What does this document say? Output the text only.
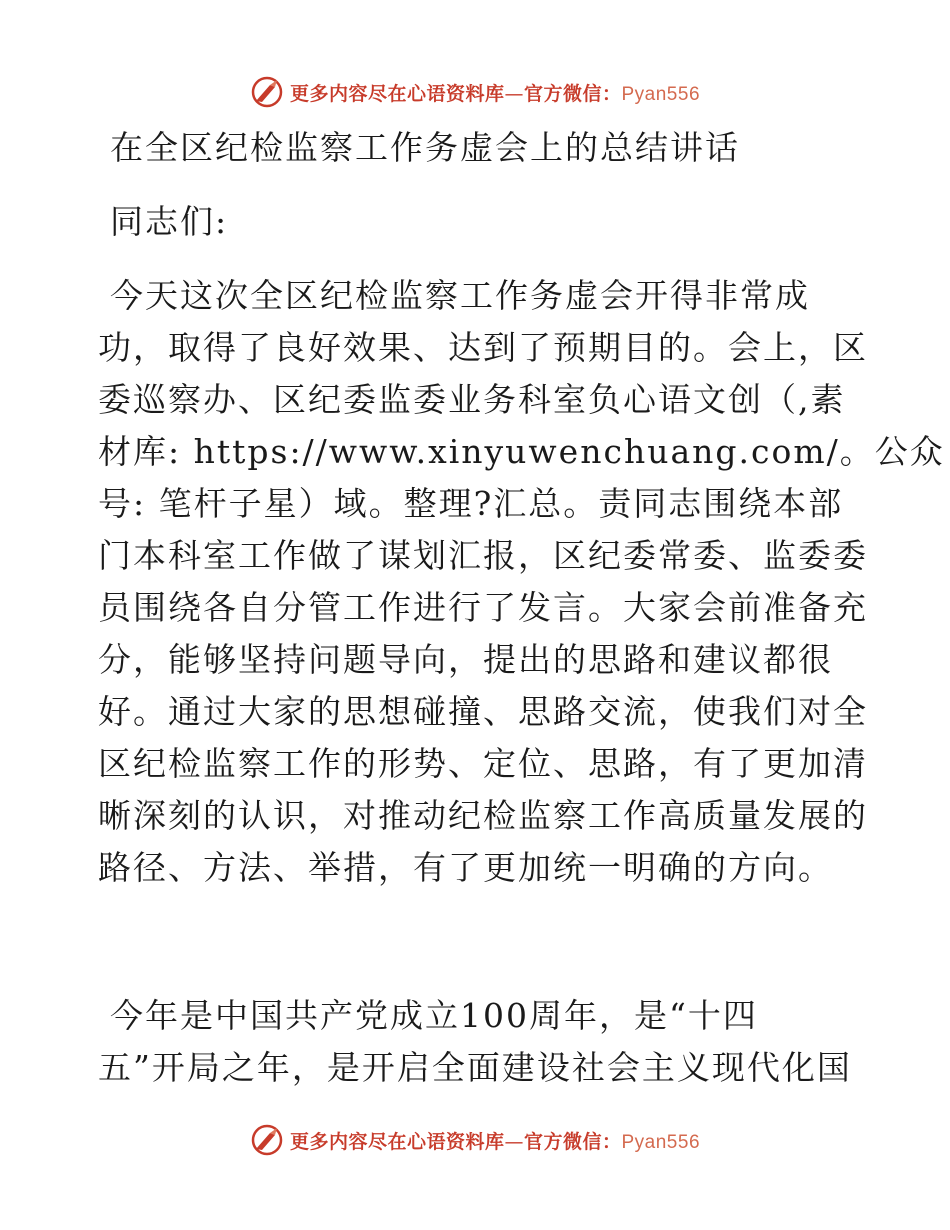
更多内容尽在心语资料库—官方微信：Pyan556
在全区纪检监察工作务虚会上的总结讲话
同志们:
今天这次全区纪检监察工作务虚会开得非常成
功，取得了良好效果、达到了预期目的。会上，区
委巡察办、区纪委监委业务科室负心语文创（,素
材库: https://www.xinyuwenchuang.com/。公众
号: 笔杆子星）域。整理?汇总。责同志围绕本部
门本科室工作做了谋划汇报，区纪委常委、监委委
员围绕各自分管工作进行了发言。大家会前准备充
分，能够坚持问题导向，提出的思路和建议都很
好。通过大家的思想碰撞、思路交流，使我们对全
区纪检监察工作的形势、定位、思路，有了更加清
晰深刻的认识，对推动纪检监察工作高质量发展的
路径、方法、举措，有了更加统一明确的方向。
今年是中国共产党成立100周年，是“十四
五”开局之年，是开启全面建设社会主义现代化国
更多内容尽在心语资料库—官方微信：Pyan556
